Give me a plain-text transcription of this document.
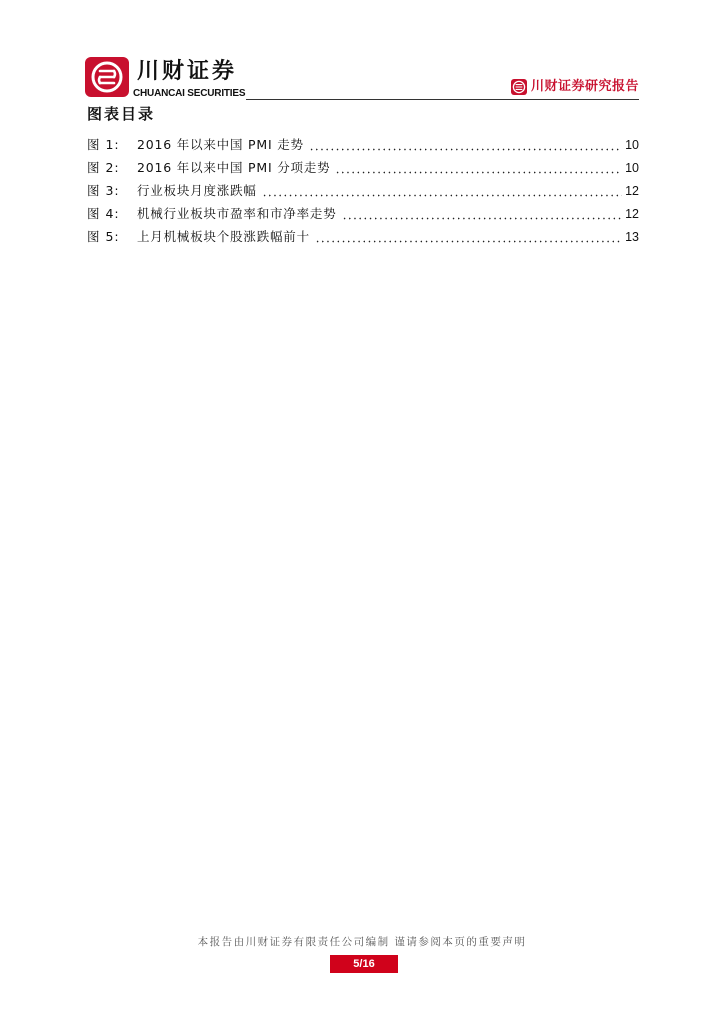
川财证券
CHUANCAI SECURITIES	川财证券研究报告
图表目录
图 1:	2016 年以来中国 PMI 走势	10
图 2:	2016 年以来中国 PMI 分项走势	10
图 3:	行业板块月度涨跌幅	12
图 4:	机械行业板块市盈率和市净率走势	12
图 5:	上月机械板块个股涨跌幅前十	13
本报告由川财证券有限责任公司编制 谨请参阅本页的重要声明
5/16
